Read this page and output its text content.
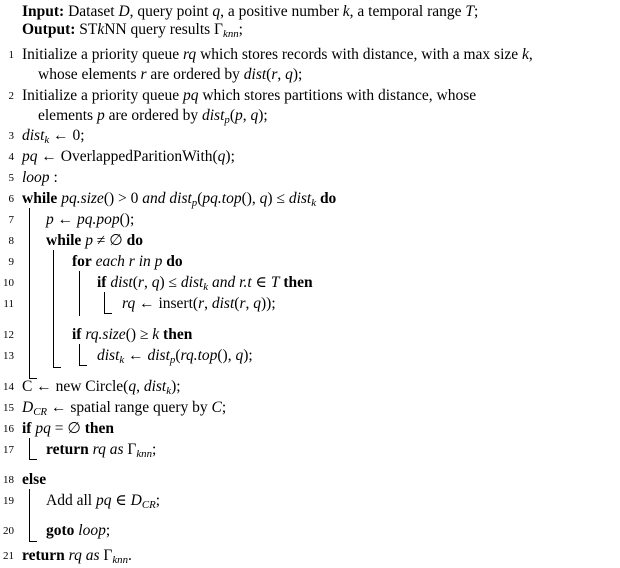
Input: Dataset D, query point q, a positive number k, a temporal range T;
Output: STkNN query results $\Gamma_{knn}$;
1
2
3
4
5
6
7
8
9
10
11
12
13
14
15
16
17
18
19
20
21
Initialize a priority queue rq which stores records with distance, with a max size k,
whose elements r are ordered by dist(r, q);
Initialize a priority queue pq which stores partitions with distance, whose
elements p are ordered by dist$_p$(p, q);
dist$_k$ ← 0;
pq ← OverlappedParitionWith(q);
loop :
while pq.size() > 0 and dist$_p$(pq.top(), q) ≤ dist$_k$ do
p ← pq.pop();
while p ≠ ∅ do
for each r in p do
if dist(r, q) ≤ dist$_k$ and r.t ∈ T then
rq ← insert(r, dist(r, q));
if rq.size() ≥ k then
dist$_k$ ← dist$_p$(rq.top(), q);
C ← new Circle(q, dist$_k$);
$D_{CR}$ ← spatial range query by C;
if pq = ∅ then
return rq as $\Gamma_{knn}$;
else
Add all pq ∈ $D_{CR}$;
goto loop;
return rq as $\Gamma_{knn}$.
